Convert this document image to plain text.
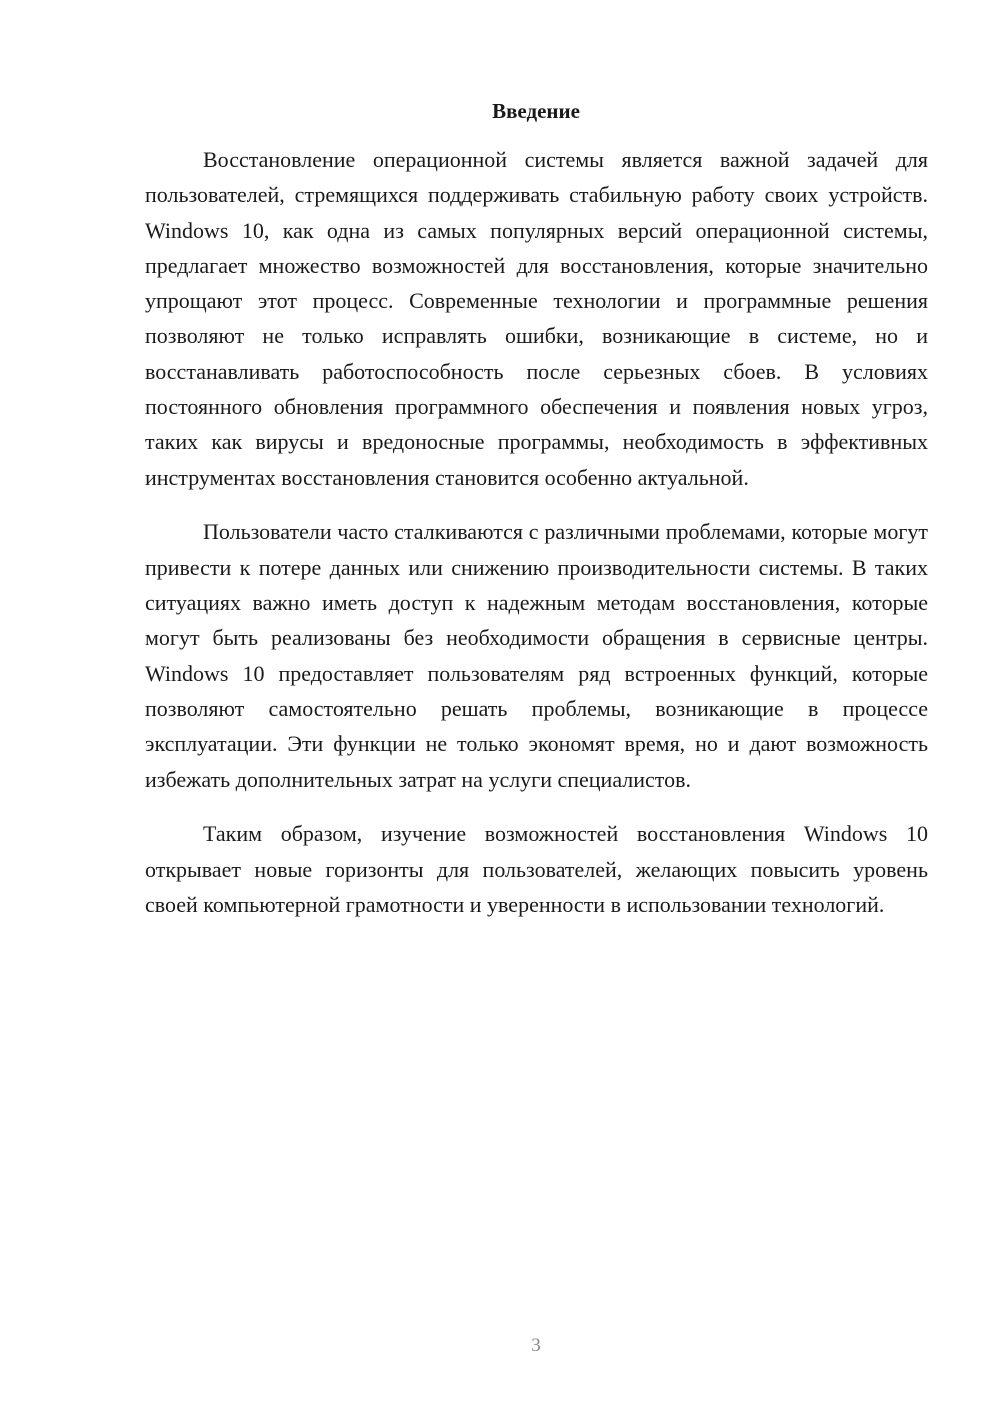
Введение

Восстановление операционной системы является важной задачей для пользователей, стремящихся поддерживать стабильную работу своих устройств. Windows 10, как одна из самых популярных версий операционной системы, предлагает множество возможностей для восстановления, которые значительно упрощают этот процесс. Современные технологии и программные решения позволяют не только исправлять ошибки, возникающие в системе, но и восстанавливать работоспособность после серьезных сбоев. В условиях постоянного обновления программного обеспечения и появления новых угроз, таких как вирусы и вредоносные программы, необходимость в эффективных инструментах восстановления становится особенно актуальной.

Пользователи часто сталкиваются с различными проблемами, которые могут привести к потере данных или снижению производительности системы. В таких ситуациях важно иметь доступ к надежным методам восстановления, которые могут быть реализованы без необходимости обращения в сервисные центры. Windows 10 предоставляет пользователям ряд встроенных функций, которые позволяют самостоятельно решать проблемы, возникающие в процессе эксплуатации. Эти функции не только экономят время, но и дают возможность избежать дополнительных затрат на услуги специалистов.

Таким образом, изучение возможностей восстановления Windows 10 открывает новые горизонты для пользователей, желающих повысить уровень своей компьютерной грамотности и уверенности в использовании технологий.

3
